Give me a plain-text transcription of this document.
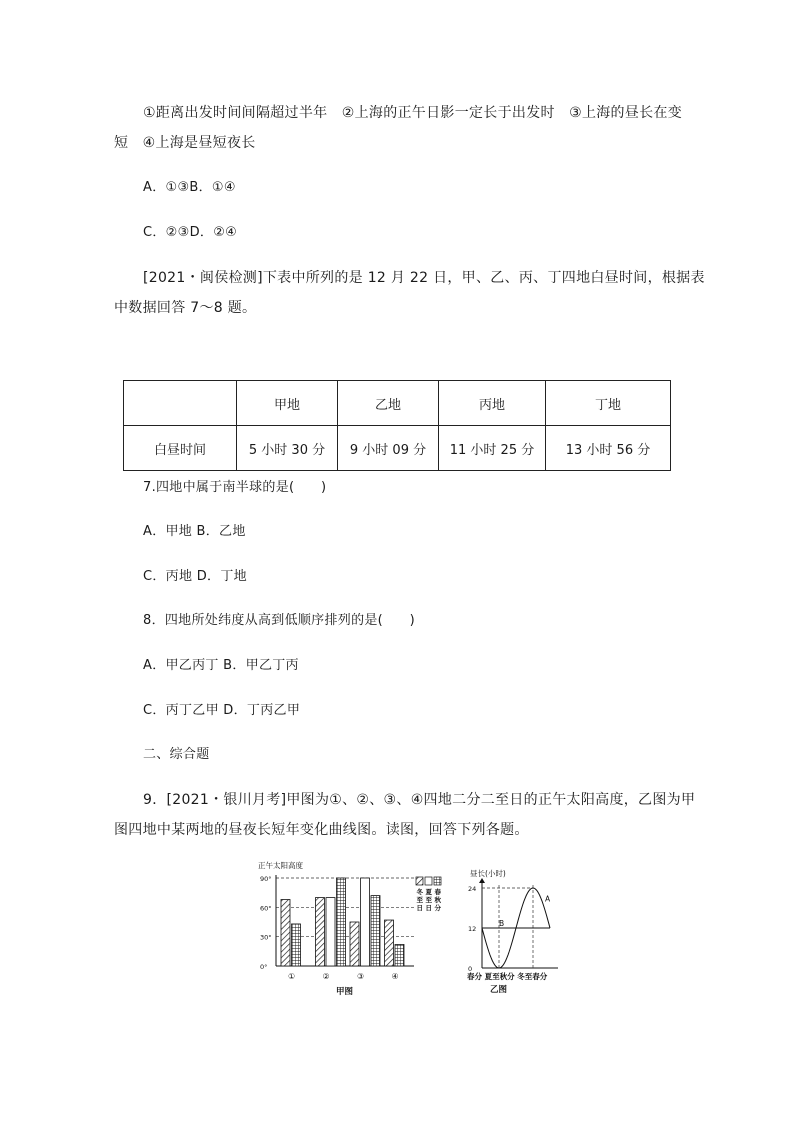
①距离出发时间间隔超过半年　②上海的正午日影一定长于出发时　③上海的昼长在变
短　④上海是昼短夜长
A．①③B．①④
C．②③D．②④
[2021・闽侯检测]下表中所列的是 12 月 22 日，甲、乙、丙、丁四地白昼时间，根据表
中数据回答 7～8 题。
	甲地	乙地	丙地	丁地
白昼时间	5 小时 30 分	9 小时 09 分	11 小时 25 分	13 小时 56 分
7.四地中属于南半球的是(　　)
A．甲地 B．乙地
C．丙地 D．丁地
8．四地所处纬度从高到低顺序排列的是(　　)
A．甲乙丙丁 B．甲乙丁丙
C．丙丁乙甲 D．丁丙乙甲
二、综合题
9．[2021・银川月考]甲图为①、②、③、④四地二分二至日的正午太阳高度，乙图为甲
图四地中某两地的昼夜长短年变化曲线图。读图，回答下列各题。
正午太阳高度
0°
30°
60°
90°
①	②	③	④
冬
至
日
夏
至
日
春
秋
分
甲图
昼长(小时)
0
12
24
A
B
春分 夏至秋分 冬至春分
乙图
